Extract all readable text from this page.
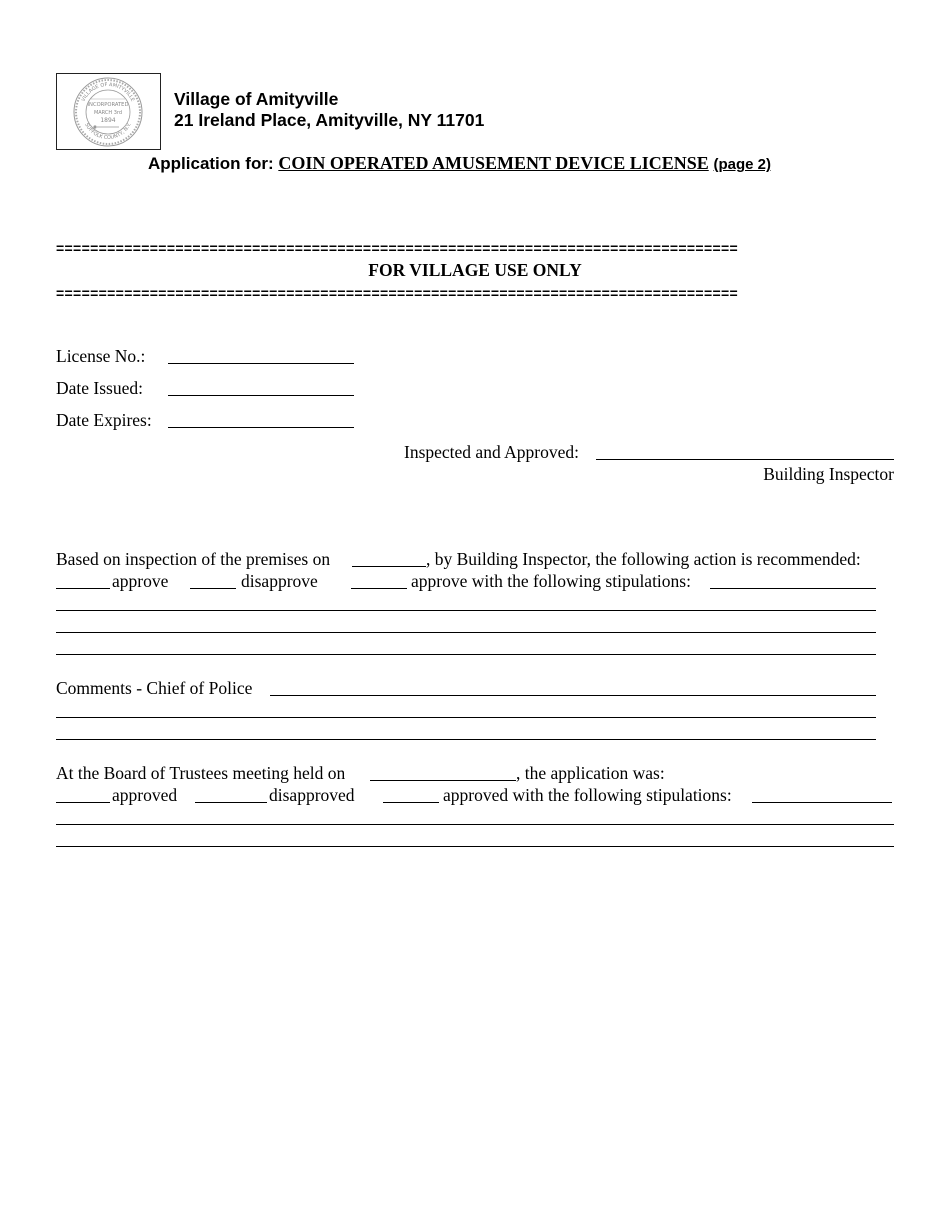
VILLAGE OF AMITYVILLE
SUFFOLK COUNTY, N.Y.
INCORPORATED
MARCH 3rd
1894
Village of Amityville
21 Ireland Place, Amityville, NY 11701
Application for: COIN OPERATED AMUSEMENT DEVICE LICENSE (page 2)
================================================================================
FOR VILLAGE USE ONLY
================================================================================
License No.:
Date Issued:
Date Expires:
Inspected and Approved:
Building Inspector
Based on inspection of the premises on	, by Building Inspector, the following action is recommended:
approve	disapprove	approve with the following stipulations:
Comments - Chief of Police
At the Board of Trustees meeting held on	, the application was:
approved	disapproved	approved with the following stipulations:
